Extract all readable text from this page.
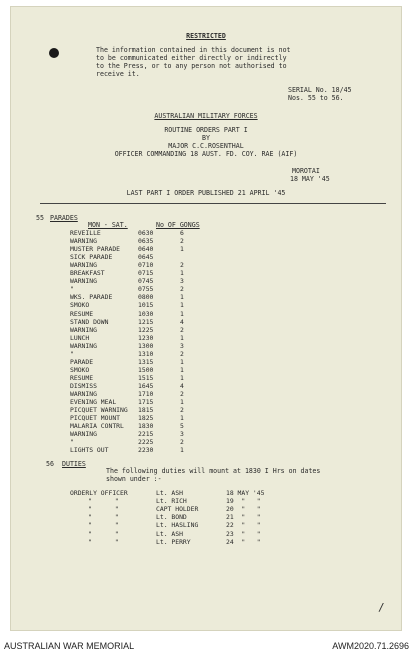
RESTRICTED
The information contained in this document is not
to be communicated either directly or indirectly
to the Press, or to any person not authorised to
receive it.
SERIAL No. 18/45
Nos. 55 to 56.
AUSTRALIAN MILITARY FORCES
ROUTINE ORDERS PART I
BY
MAJOR C.C.ROSENTHAL
OFFICER COMMANDING 18 AUST. FD. COY. RAE (AIF)
MOROTAI
18 MAY '45
LAST PART I ORDER PUBLISHED 21 APRIL '45
55 PARADES
MON - SAT.	No OF GONGS
REVEILLE	0630	6
WARNING	0635	2
MUSTER PARADE	0640	1
SICK PARADE	0645
WARNING	0710	2
BREAKFAST	0715	1
WARNING	0745	3
"	0755	2
WKS. PARADE	0800	1
SMOKO	1015	1
RESUME	1030	1
STAND DOWN	1215	4
WARNING	1225	2
LUNCH	1230	1
WARNING	1300	3
"	1310	2
PARADE	1315	1
SMOKO	1500	1
RESUME	1515	1
DISMISS	1645	4
WARNING	1710	2
EVENING MEAL	1715	1
PICQUET WARNING 1815	2
PICQUET MOUNT	1825	1
MALARIA CONTRL 1830	5
WARNING	2215	3
"	2225	2
LIGHTS OUT	2230	1
56 DUTIES
The following duties will mount at 1830 I Hrs on dates
shown under :-
ORDERLY OFFICER	Lt. ASH	18 MAY '45
"      "	Lt. RICH	19  "   "
"      "	CAPT HOLDER	20  "   "
"      "	Lt. BOND	21  "   "
"      "	Lt. HASLING	22  "   "
"      "	Lt. ASH	23  "   "
"      "	Lt. PERRY	24  "   "
/
AUSTRALIAN WAR MEMORIAL	AWM2020.71.2696
